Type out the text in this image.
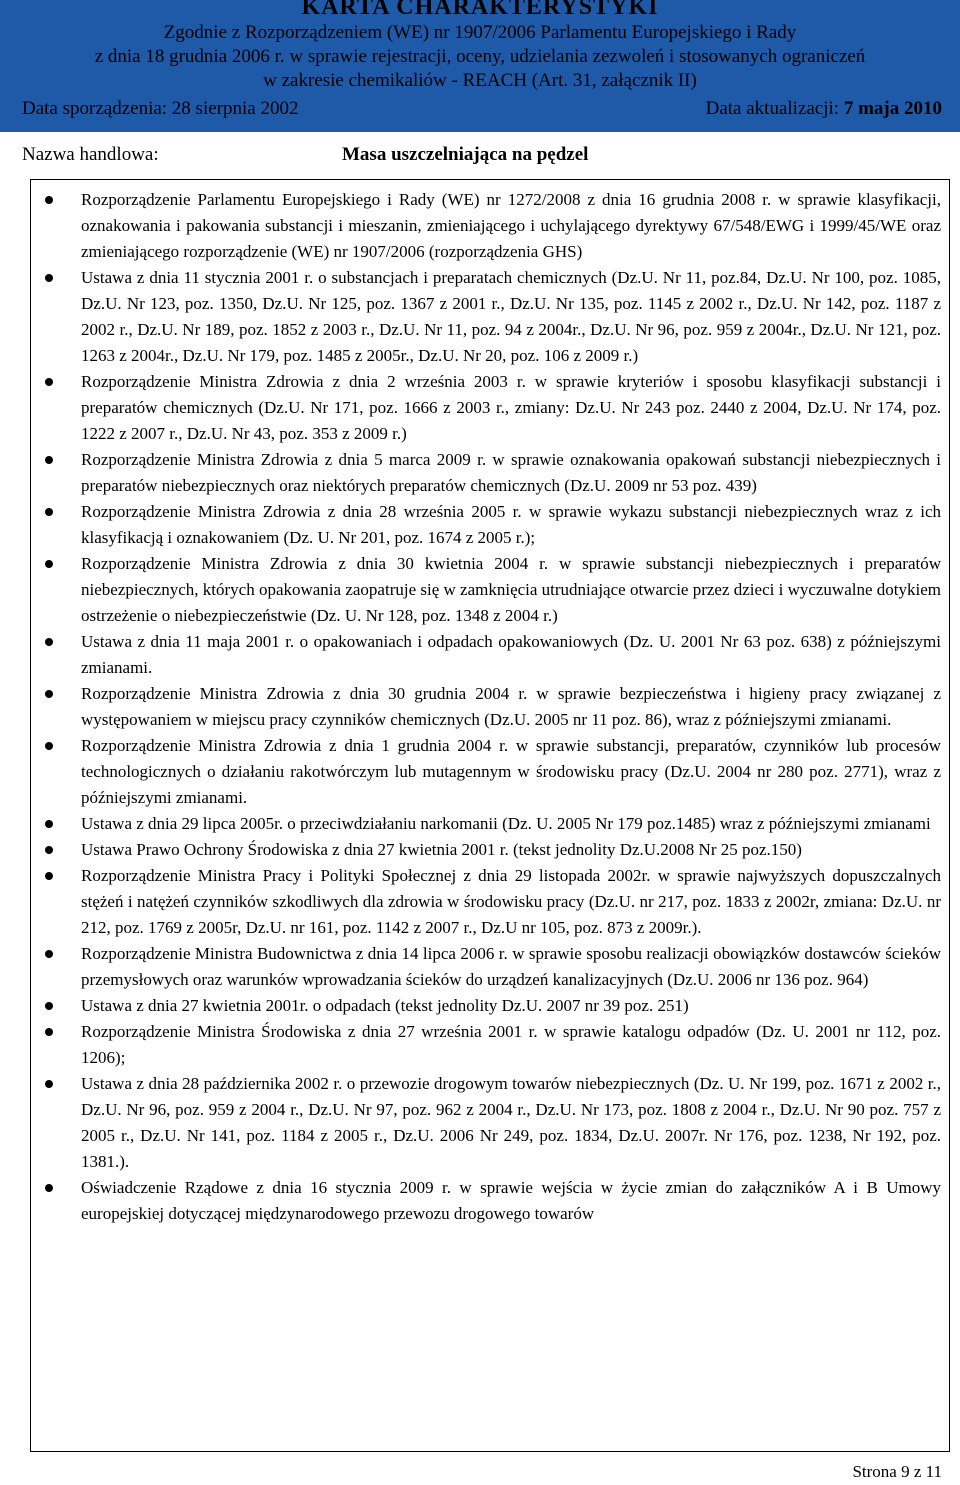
KARTA CHARAKTERYSTYKI
Zgodnie z Rozporządzeniem (WE) nr 1907/2006 Parlamentu Europejskiego i Rady
z dnia 18 grudnia 2006 r. w sprawie rejestracji, oceny, udzielania zezwoleń i stosowanych ograniczeń
w zakresie chemikaliów - REACH (Art. 31, załącznik II)
Data sporządzenia: 28 sierpnia 2002	Data aktualizacji: 7 maja 2010
Nazwa handlowa:	Masa uszczelniająca na pędzel
Rozporządzenie Parlamentu Europejskiego i Rady (WE) nr 1272/2008 z dnia 16 grudnia 2008 r. w sprawie klasyfikacji, oznakowania i pakowania substancji i mieszanin, zmieniającego i uchylającego dyrektywy 67/548/EWG i 1999/45/WE oraz zmieniającego rozporządzenie (WE) nr 1907/2006 (rozporządzenia GHS)
Ustawa z dnia 11 stycznia 2001 r. o substancjach i preparatach chemicznych (Dz.U. Nr 11, poz.84, Dz.U. Nr 100, poz. 1085, Dz.U. Nr 123, poz. 1350, Dz.U. Nr 125, poz. 1367 z 2001 r., Dz.U. Nr 135, poz. 1145 z 2002 r., Dz.U. Nr 142, poz. 1187 z 2002 r., Dz.U. Nr 189, poz. 1852 z 2003 r., Dz.U. Nr 11, poz. 94 z 2004r., Dz.U. Nr 96, poz. 959 z 2004r., Dz.U. Nr 121, poz. 1263 z 2004r., Dz.U. Nr 179, poz. 1485 z 2005r., Dz.U. Nr 20, poz. 106 z 2009 r.)
Rozporządzenie Ministra Zdrowia z dnia 2 września 2003 r. w sprawie kryteriów i sposobu klasyfikacji substancji i preparatów chemicznych (Dz.U. Nr 171, poz. 1666 z 2003 r., zmiany: Dz.U. Nr 243 poz. 2440 z 2004, Dz.U. Nr 174, poz. 1222 z 2007 r., Dz.U. Nr 43, poz. 353 z 2009 r.)
Rozporządzenie Ministra Zdrowia z dnia 5 marca 2009 r. w sprawie oznakowania opakowań substancji niebezpiecznych i preparatów niebezpiecznych oraz niektórych preparatów chemicznych (Dz.U. 2009 nr 53 poz. 439)
Rozporządzenie Ministra Zdrowia z dnia 28 września 2005 r. w sprawie wykazu substancji niebezpiecznych wraz z ich klasyfikacją i oznakowaniem (Dz. U. Nr 201, poz. 1674 z 2005 r.);
Rozporządzenie Ministra Zdrowia z dnia 30 kwietnia 2004 r. w sprawie substancji niebezpiecznych i preparatów niebezpiecznych, których opakowania zaopatruje się w zamknięcia utrudniające otwarcie przez dzieci i wyczuwalne dotykiem ostrzeżenie o niebezpieczeństwie (Dz. U. Nr 128, poz. 1348 z 2004 r.)
Ustawa z dnia 11 maja 2001 r. o opakowaniach i odpadach opakowaniowych (Dz. U. 2001 Nr 63 poz. 638) z późniejszymi zmianami.
Rozporządzenie Ministra Zdrowia z dnia 30 grudnia 2004 r. w sprawie bezpieczeństwa i higieny pracy związanej z występowaniem w miejscu pracy czynników chemicznych (Dz.U. 2005 nr 11 poz. 86), wraz z późniejszymi zmianami.
Rozporządzenie Ministra Zdrowia z dnia 1 grudnia 2004 r. w sprawie substancji, preparatów, czynników lub procesów technologicznych o działaniu rakotwórczym lub mutagennym w środowisku pracy (Dz.U. 2004 nr 280 poz. 2771), wraz z późniejszymi zmianami.
Ustawa z dnia 29 lipca 2005r. o przeciwdziałaniu narkomanii (Dz. U. 2005 Nr 179 poz.1485) wraz z późniejszymi zmianami
Ustawa Prawo Ochrony Środowiska z dnia 27 kwietnia 2001 r. (tekst jednolity Dz.U.2008 Nr 25 poz.150)
Rozporządzenie Ministra Pracy i Polityki Społecznej z dnia 29 listopada 2002r. w sprawie najwyższych dopuszczalnych stężeń i natężeń czynników szkodliwych dla zdrowia w środowisku pracy (Dz.U. nr 217, poz. 1833 z 2002r, zmiana: Dz.U. nr 212, poz. 1769 z 2005r, Dz.U. nr 161, poz. 1142 z 2007 r., Dz.U nr 105, poz. 873 z 2009r.).
Rozporządzenie Ministra Budownictwa z dnia 14 lipca 2006 r. w sprawie sposobu realizacji obowiązków dostawców ścieków przemysłowych oraz warunków wprowadzania ścieków do urządzeń kanalizacyjnych (Dz.U. 2006 nr 136 poz. 964)
Ustawa z dnia 27 kwietnia 2001r. o odpadach (tekst jednolity Dz.U. 2007 nr 39 poz. 251)
Rozporządzenie Ministra Środowiska z dnia 27 września 2001 r. w sprawie katalogu odpadów (Dz. U. 2001 nr 112, poz. 1206);
Ustawa z dnia 28 października 2002 r. o przewozie drogowym towarów niebezpiecznych (Dz. U. Nr 199, poz. 1671 z 2002 r., Dz.U. Nr 96, poz. 959 z 2004 r., Dz.U. Nr 97, poz. 962 z 2004 r., Dz.U. Nr 173, poz. 1808 z 2004 r., Dz.U. Nr 90 poz. 757 z 2005 r., Dz.U. Nr 141, poz. 1184 z 2005 r., Dz.U. 2006 Nr 249, poz. 1834, Dz.U. 2007r. Nr 176, poz. 1238, Nr 192, poz. 1381.).
Oświadczenie Rządowe z dnia 16 stycznia 2009 r. w sprawie wejścia w życie zmian do załączników A i B Umowy europejskiej dotyczącej międzynarodowego przewozu drogowego towarów
Strona 9 z 11
